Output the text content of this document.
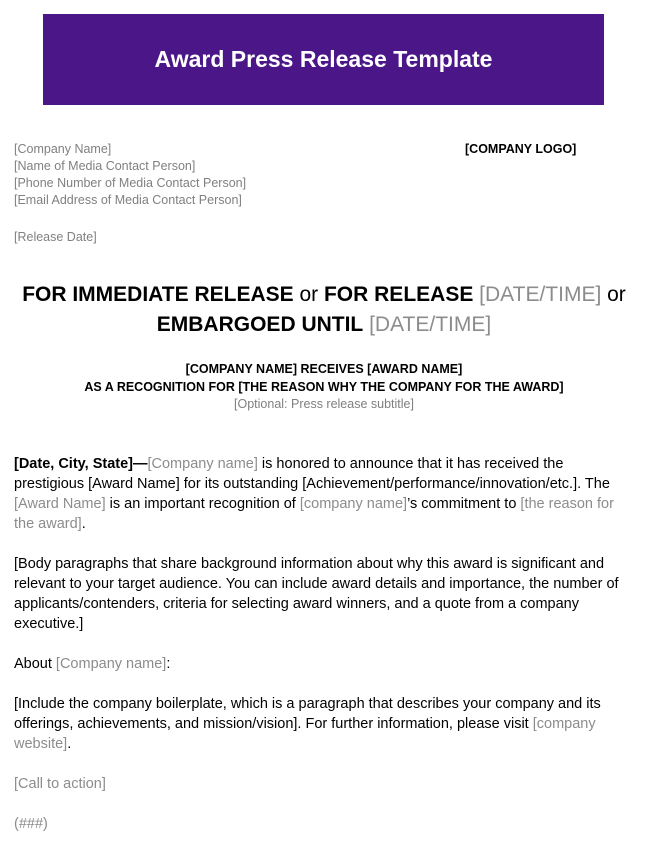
Award Press Release Template
[Company Name]
[Name of Media Contact Person]
[Phone Number of Media Contact Person]
[Email Address of Media Contact Person]
[COMPANY LOGO]
[Release Date]
FOR IMMEDIATE RELEASE or FOR RELEASE [DATE/TIME] or
EMBARGOED UNTIL [DATE/TIME]
[COMPANY NAME] RECEIVES [AWARD NAME]
AS A RECOGNITION FOR [THE REASON WHY THE COMPANY FOR THE AWARD]
[Optional: Press release subtitle]

[Date, City, State]—[Company name] is honored to announce that it has received the prestigious [Award Name] for its outstanding [Achievement/performance/innovation/etc.]. The [Award Name] is an important recognition of [company name]’s commitment to [the reason for the award].

[Body paragraphs that share background information about why this award is significant and relevant to your target audience. You can include award details and importance, the number of applicants/contenders, criteria for selecting award winners, and a quote from a company executive.]

About [Company name]:

[Include the company boilerplate, which is a paragraph that describes your company and its offerings, achievements, and mission/vision]. For further information, please visit [company website].

[Call to action]

(###)
